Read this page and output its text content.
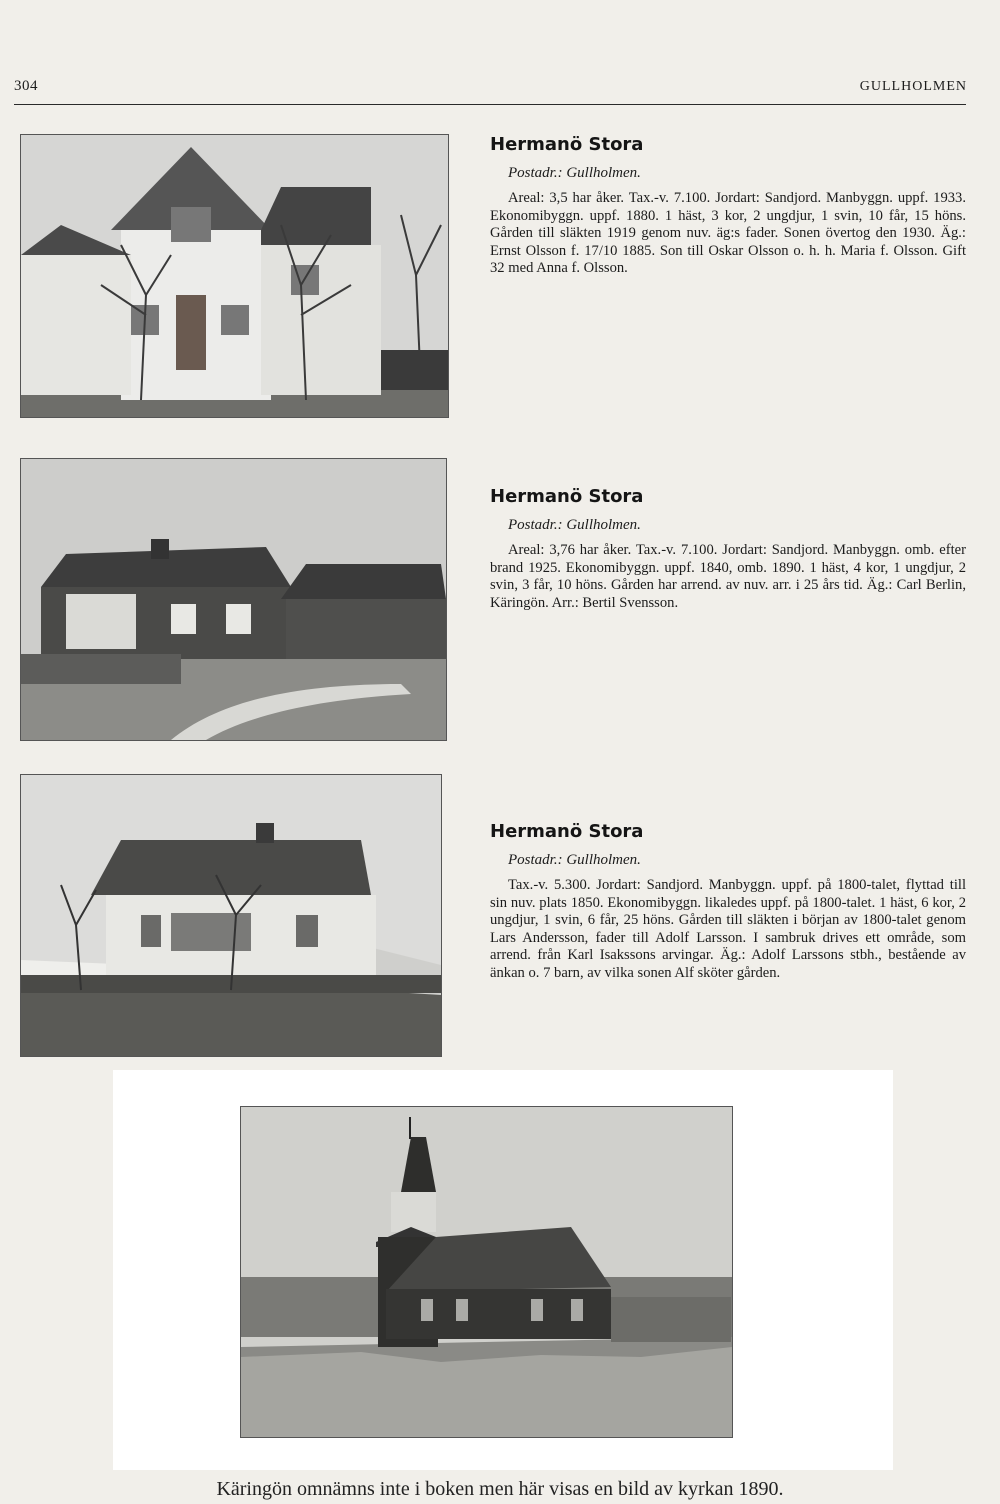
304	GULLHOLMEN
Hermanö Stora
Postadr.: Gullholmen.

Areal: 3,5 har åker. Tax.-v. 7.100. Jordart: Sandjord. Manbyggn. uppf. 1933. Ekonomibyggn. uppf. 1880. 1 häst, 3 kor, 2 ungdjur, 1 svin, 10 får, 15 höns. Gården till släkten 1919 genom nuv. äg:s fader. Sonen övertog den 1930. Äg.: Ernst Olsson f. 17/10 1885. Son till Oskar Olsson o. h. h. Maria f. Olsson. Gift 32 med Anna f. Olsson.

Hermanö Stora
Postadr.: Gullholmen.

Areal: 3,76 har åker. Tax.-v. 7.100. Jordart: Sandjord. Manbyggn. omb. efter brand 1925. Ekonomibyggn. uppf. 1840, omb. 1890. 1 häst, 4 kor, 1 ungdjur, 2 svin, 3 får, 10 höns. Gården har arrend. av nuv. arr. i 25 års tid. Äg.: Carl Berlin, Käringön. Arr.: Bertil Svensson.

Hermanö Stora
Postadr.: Gullholmen.

Tax.-v. 5.300. Jordart: Sandjord. Manbyggn. uppf. på 1800-talet, flyttad till sin nuv. plats 1850. Ekonomibyggn. likaledes uppf. på 1800-talet. 1 häst, 6 kor, 2 ungdjur, 1 svin, 6 får, 25 höns. Gården till släkten i början av 1800-talet genom Lars Andersson, fader till Adolf Larsson. I sambruk drives ett område, som arrend. från Karl Isakssons arvingar. Äg.: Adolf Larssons stbh., bestående av änkan o. 7 barn, av vilka sonen Alf sköter gården.

Käringön omnämns inte i boken men här visas en bild av kyrkan 1890.
